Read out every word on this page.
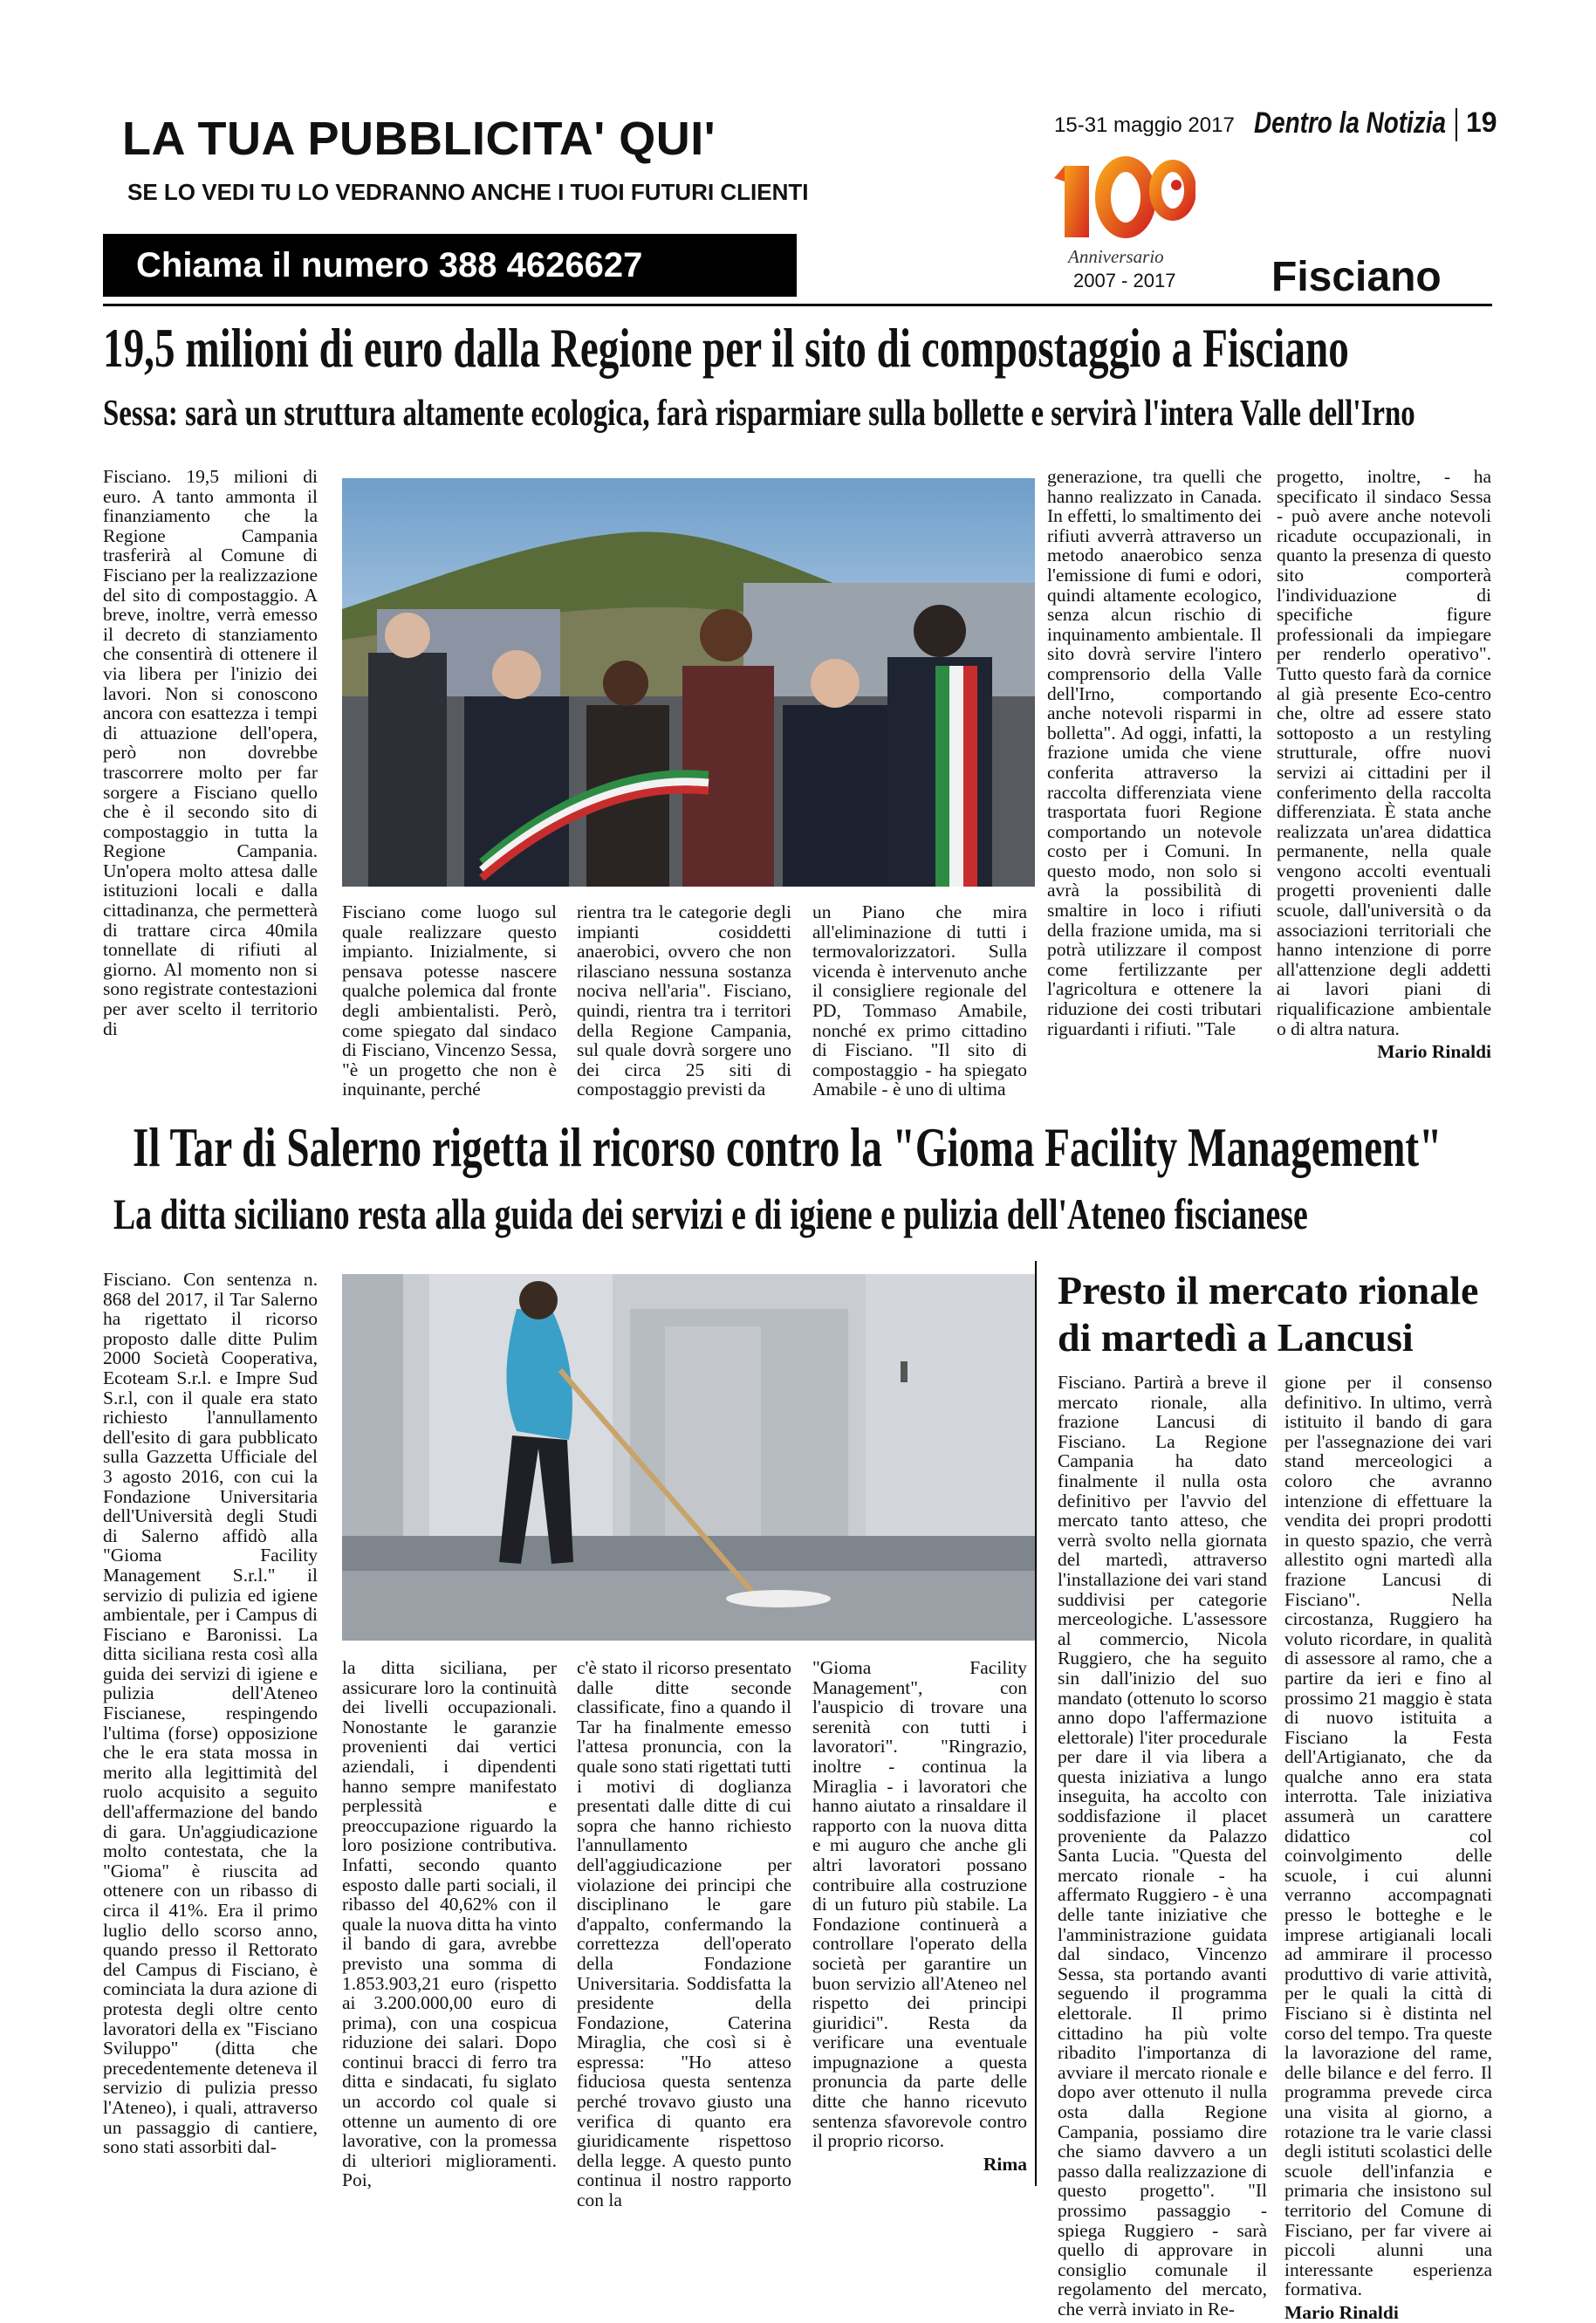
LA TUA PUBBLICITA' QUI'
SE LO VEDI TU LO VEDRANNO ANCHE I TUOI FUTURI CLIENTI
Chiama il numero 388 4626627
15-31 maggio 2017 Dentro la Notizia 19
Anniversario
2007 - 2017 Fisciano
19,5 milioni di euro dalla Regione per il sito di compostaggio a Fisciano
Sessa: sarà un struttura altamente ecologica, farà risparmiare sulla bollette e servirà l'intera Valle dell'Irno

Fisciano. 19,5 milioni di euro. A tanto ammonta il finanziamento che la Regione Campania trasferirà al Comune di Fisciano per la realizzazione del sito di compostaggio. A breve, inoltre, verrà emesso il decreto di stanziamento che consentirà di ottenere il via libera per l'inizio dei lavori. Non si conoscono ancora con esattezza i tempi di attuazione dell'opera, però non dovrebbe trascorrere molto per far sorgere a Fisciano quello che è il secondo sito di compostaggio in tutta la Regione Campania. Un'opera molto attesa dalle istituzioni locali e dalla cittadinanza, che permetterà di trattare circa 40mila tonnellate di rifiuti al giorno. Al momento non si sono registrate contestazioni per aver scelto il territorio di

Fisciano come luogo sul quale realizzare questo impianto. Inizialmente, si pensava potesse nascere qualche polemica dal fronte degli ambientalisti. Però, come spiegato dal sindaco di Fisciano, Vincenzo Sessa, "è un progetto che non è inquinante, perché

rientra tra le categorie degli impianti cosiddetti anaerobici, ovvero che non rilasciano nessuna sostanza nociva nell'aria". Fisciano, quindi, rientra tra i territori della Regione Campania, sul quale dovrà sorgere uno dei circa 25 siti di compostaggio previsti da

un Piano che mira all'eliminazione di tutti i termovalorizzatori. Sulla vicenda è intervenuto anche il consigliere regionale del PD, Tommaso Amabile, nonché ex primo cittadino di Fisciano. "Il sito di compostaggio - ha spiegato Amabile - è uno di ultima

generazione, tra quelli che hanno realizzato in Canada. In effetti, lo smaltimento dei rifiuti avverrà attraverso un metodo anaerobico senza l'emissione di fumi e odori, quindi altamente ecologico, senza alcun rischio di inquinamento ambientale. Il sito dovrà servire l'intero comprensorio della Valle dell'Irno, comportando anche notevoli risparmi in bolletta". Ad oggi, infatti, la frazione umida che viene conferita attraverso la raccolta differenziata viene trasportata fuori Regione comportando un notevole costo per i Comuni. In questo modo, non solo si avrà la possibilità di smaltire in loco i rifiuti della frazione umida, ma si potrà utilizzare il compost come fertilizzante per l'agricoltura e ottenere la riduzione dei costi tributari riguardanti i rifiuti. "Tale

progetto, inoltre, - ha specificato il sindaco Sessa - può avere anche notevoli ricadute occupazionali, in quanto la presenza di questo sito comporterà l'individuazione di specifiche figure professionali da impiegare per renderlo operativo". Tutto questo farà da cornice al già presente Eco-centro che, oltre ad essere stato sottoposto a un restyling strutturale, offre nuovi servizi ai cittadini per il conferimento della raccolta differenziata. È stata anche realizzata un'area didattica permanente, nella quale vengono accolti eventuali progetti provenienti dalle scuole, dall'università o da associazioni territoriali che hanno intenzione di porre all'attenzione degli addetti ai lavori piani di riqualificazione ambientale o di altra natura.

Mario Rinaldi

Il Tar di Salerno rigetta il ricorso contro la "Gioma Facility Management"
La ditta siciliano resta alla guida dei servizi e di igiene e pulizia dell'Ateneo fiscianese

Fisciano. Con sentenza n. 868 del 2017, il Tar Salerno ha rigettato il ricorso proposto dalle ditte Pulim 2000 Società Cooperativa, Ecoteam S.r.l. e Impre Sud S.r.l, con il quale era stato richiesto l'annullamento dell'esito di gara pubblicato sulla Gazzetta Ufficiale del 3 agosto 2016, con cui la Fondazione Universitaria dell'Università degli Studi di Salerno affidò alla "Gioma Facility Management S.r.l." il servizio di pulizia ed igiene ambientale, per i Campus di Fisciano e Baronissi. La ditta siciliana resta così alla guida dei servizi di igiene e pulizia dell'Ateneo Fiscianese, respingendo l'ultima (forse) opposizione che le era stata mossa in merito alla legittimità del ruolo acquisito a seguito dell'affermazione del bando di gara. Un'aggiudicazione molto contestata, che la "Gioma" è riuscita ad ottenere con un ribasso di circa il 41%. Era il primo luglio dello scorso anno, quando presso il Rettorato del Campus di Fisciano, è cominciata la dura azione di protesta degli oltre cento lavoratori della ex "Fisciano Sviluppo" (ditta che precedentemente deteneva il servizio di pulizia presso l'Ateneo), i quali, attraverso un passaggio di cantiere, sono stati assorbiti dal-

la ditta siciliana, per assicurare loro la continuità dei livelli occupazionali. Nonostante le garanzie provenienti dai vertici aziendali, i dipendenti hanno sempre manifestato perplessità e preoccupazione riguardo la loro posizione contributiva. Infatti, secondo quanto esposto dalle parti sociali, il ribasso del 40,62% con il quale la nuova ditta ha vinto il bando di gara, avrebbe previsto una somma di 1.853.903,21 euro (rispetto ai 3.200.000,00 euro di prima), con una cospicua riduzione dei salari. Dopo continui bracci di ferro tra ditta e sindacati, fu siglato un accordo col quale si ottenne un aumento di ore lavorative, con la promessa di ulteriori miglioramenti. Poi,

c'è stato il ricorso presentato dalle ditte seconde classificate, fino a quando il Tar ha finalmente emesso l'attesa pronuncia, con la quale sono stati rigettati tutti i motivi di doglianza presentati dalle ditte di cui sopra che hanno richiesto l'annullamento dell'aggiudicazione per violazione dei principi che disciplinano le gare d'appalto, confermando la correttezza dell'operato della Fondazione Universitaria. Soddisfatta la presidente della Fondazione, Caterina Miraglia, che così si è espressa: "Ho atteso fiduciosa questa sentenza perché trovavo giusto una verifica di quanto era giuridicamente rispettoso della legge. A questo punto continua il nostro rapporto con la

"Gioma Facility Management", con l'auspicio di trovare una serenità con tutti i lavoratori". "Ringrazio, inoltre - continua la Miraglia - i lavoratori che hanno aiutato a rinsaldare il rapporto con la nuova ditta e mi auguro che anche gli altri lavoratori possano contribuire alla costruzione di un futuro più stabile. La Fondazione continuerà a controllare l'operato della società per garantire un buon servizio all'Ateneo nel rispetto dei principi giuridici". Resta da verificare una eventuale impugnazione a questa pronuncia da parte delle ditte che hanno ricevuto sentenza sfavorevole contro il proprio ricorso.

Rima

Presto il mercato rionale
di martedì a Lancusi

Fisciano. Partirà a breve il mercato rionale, alla frazione Lancusi di Fisciano. La Regione Campania ha dato finalmente il nulla osta definitivo per l'avvio del mercato tanto atteso, che verrà svolto nella giornata del martedì, attraverso l'installazione dei vari stand suddivisi per categorie merceologiche. L'assessore al commercio, Nicola Ruggiero, che ha seguito sin dall'inizio del suo mandato (ottenuto lo scorso anno dopo l'affermazione elettorale) l'iter procedurale per dare il via libera a questa iniziativa a lungo inseguita, ha accolto con soddisfazione il placet proveniente da Palazzo Santa Lucia. "Questa del mercato rionale - ha affermato Ruggiero - è una delle tante iniziative che l'amministrazione guidata dal sindaco, Vincenzo Sessa, sta portando avanti seguendo il programma elettorale. Il primo cittadino ha più volte ribadito l'importanza di avviare il mercato rionale e dopo aver ottenuto il nulla osta dalla Regione Campania, possiamo dire che siamo davvero a un passo dalla realizzazione di questo progetto". "Il prossimo passaggio - spiega Ruggiero - sarà quello di approvare in consiglio comunale il regolamento del mercato, che verrà inviato in Re-

gione per il consenso definitivo. In ultimo, verrà istituito il bando di gara per l'assegnazione dei vari stand merceologici a coloro che avranno intenzione di effettuare la vendita dei propri prodotti in questo spazio, che verrà allestito ogni martedì alla frazione Lancusi di Fisciano". Nella circostanza, Ruggiero ha voluto ricordare, in qualità di assessore al ramo, che a partire da ieri e fino al prossimo 21 maggio è stata di nuovo istituita a Fisciano la Festa dell'Artigianato, che da qualche anno era stata interrotta. Tale iniziativa assumerà un carattere didattico col coinvolgimento delle scuole, i cui alunni verranno accompagnati presso le botteghe e le imprese artigianali locali ad ammirare il processo produttivo di varie attività, per le quali la città di Fisciano si è distinta nel corso del tempo. Tra queste la lavorazione del rame, delle bilance e del ferro. Il programma prevede circa una visita al giorno, a rotazione tra le varie classi degli istituti scolastici delle scuole dell'infanzia e primaria che insistono sul territorio del Comune di Fisciano, per far vivere ai piccoli alunni una interessante esperienza formativa.

Mario Rinaldi
